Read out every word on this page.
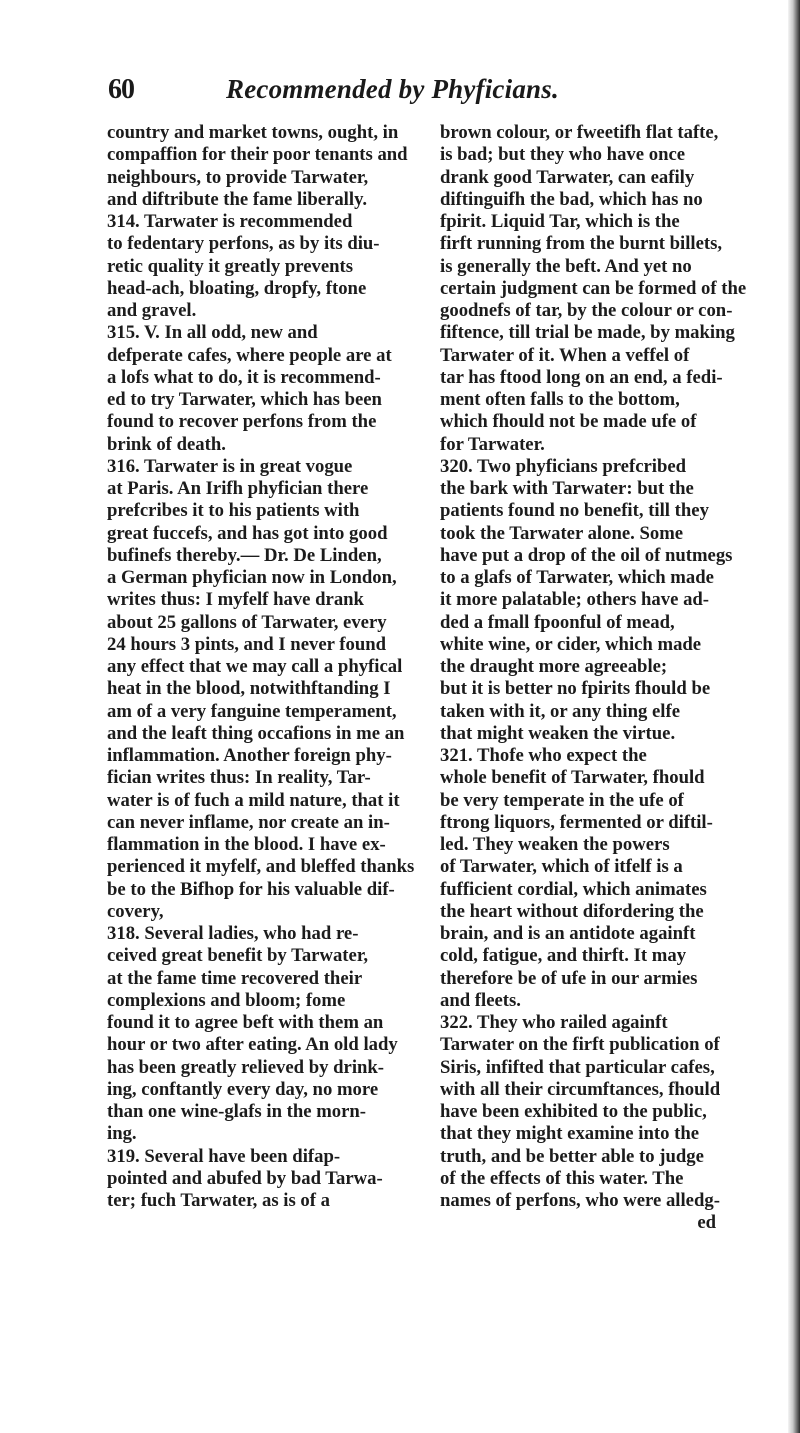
60	Recommended by Phyficians.
country and market towns, ought, in
compaffion for their poor tenants and
neighbours, to provide Tarwater,
and diftribute the fame liberally.
314. Tarwater is recommended
to fedentary perfons, as by its diu-
retic quality it greatly prevents
head-ach, bloating, dropfy, ftone
and gravel.
315. V. In all odd, new and
defperate cafes, where people are at
a lofs what to do, it is recommend-
ed to try Tarwater, which has been
found to recover perfons from the
brink of death.
316. Tarwater is in great vogue
at Paris. An Irifh phyfician there
prefcribes it to his patients with
great fuccefs, and has got into good
bufinefs thereby.— Dr. De Linden,
a German phyfician now in London,
writes thus: I myfelf have drank
about 25 gallons of Tarwater, every
24 hours 3 pints, and I never found
any effect that we may call a phyfical
heat in the blood, notwithftanding I
am of a very fanguine temperament,
and the leaft thing occafions in me an
inflammation. Another foreign phy-
fician writes thus: In reality, Tar-
water is of fuch a mild nature, that it
can never inflame, nor create an in-
flammation in the blood. I have ex-
perienced it myfelf, and bleffed thanks
be to the Bifhop for his valuable dif-
covery,
318. Several ladies, who had re-
ceived great benefit by Tarwater,
at the fame time recovered their
complexions and bloom; fome
found it to agree beft with them an
hour or two after eating. An old lady
has been greatly relieved by drink-
ing, conftantly every day, no more
than one wine-glafs in the morn-
ing.
319. Several have been difap-
pointed and abufed by bad Tarwa-
ter; fuch Tarwater, as is of a
brown colour, or fweetifh flat tafte,
is bad; but they who have once
drank good Tarwater, can eafily
diftinguifh the bad, which has no
fpirit. Liquid Tar, which is the
firft running from the burnt billets,
is generally the beft. And yet no
certain judgment can be formed of the
goodnefs of tar, by the colour or con-
fiftence, till trial be made, by making
Tarwater of it. When a veffel of
tar has ftood long on an end, a fedi-
ment often falls to the bottom,
which fhould not be made ufe of
for Tarwater.
320. Two phyficians prefcribed
the bark with Tarwater: but the
patients found no benefit, till they
took the Tarwater alone. Some
have put a drop of the oil of nutmegs
to a glafs of Tarwater, which made
it more palatable; others have ad-
ded a fmall fpoonful of mead,
white wine, or cider, which made
the draught more agreeable;
but it is better no fpirits fhould be
taken with it, or any thing elfe
that might weaken the virtue.
321. Thofe who expect the
whole benefit of Tarwater, fhould
be very temperate in the ufe of
ftrong liquors, fermented or diftil-
led. They weaken the powers
of Tarwater, which of itfelf is a
fufficient cordial, which animates
the heart without difordering the
brain, and is an antidote againft
cold, fatigue, and thirft. It may
therefore be of ufe in our armies
and fleets.
322. They who railed againft
Tarwater on the firft publication of
Siris, infifted that particular cafes,
with all their circumftances, fhould
have been exhibited to the public,
that they might examine into the
truth, and be better able to judge
of the effects of this water. The
names of perfons, who were alledg-
ed
